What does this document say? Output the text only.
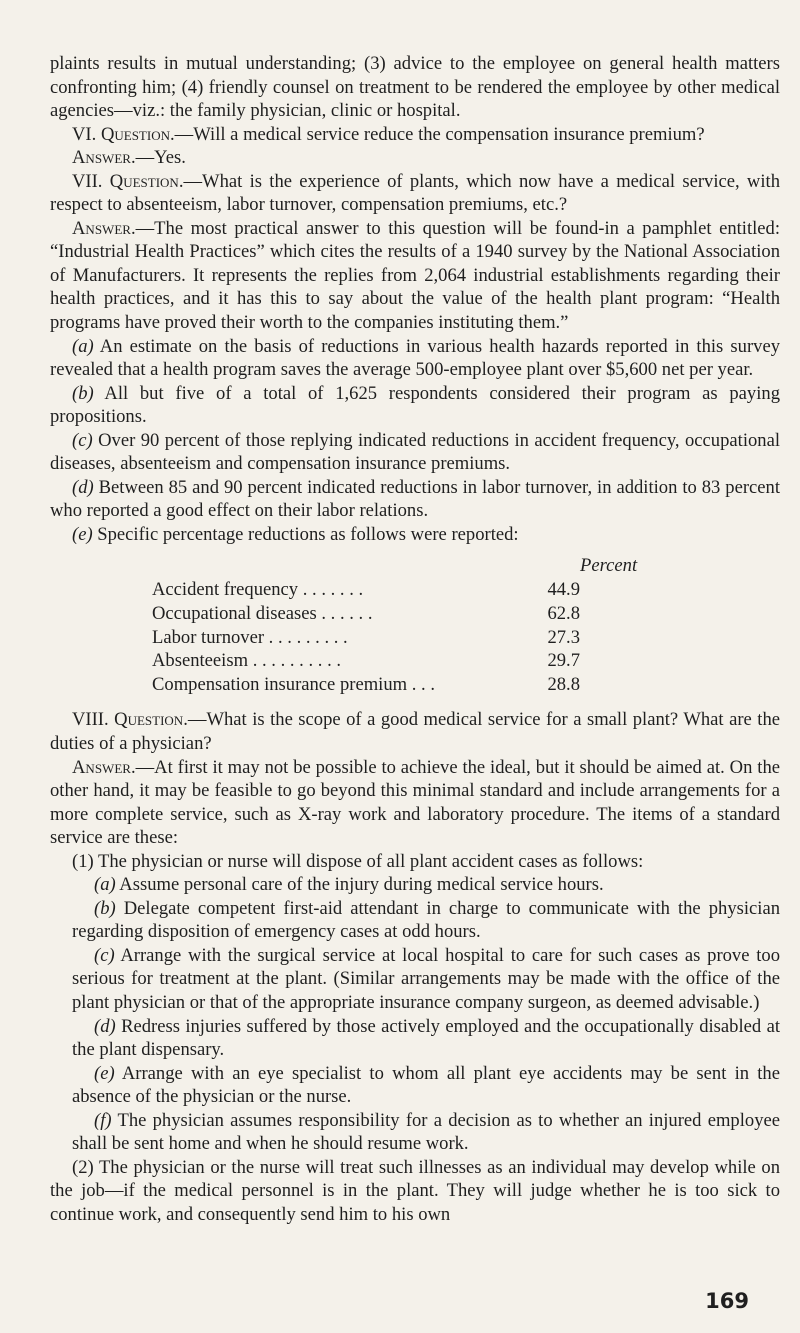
plaints results in mutual understanding; (3) advice to the employee on general health matters confronting him; (4) friendly counsel on treatment to be rendered the employee by other medical agencies—viz.: the family physician, clinic or hospital.

VI. Question.—Will a medical service reduce the compensation insurance premium?

Answer.—Yes.

VII. Question.—What is the experience of plants, which now have a medical service, with respect to absenteeism, labor turnover, compensation premiums, etc.?

Answer.—The most practical answer to this question will be found-in a pamphlet entitled: “Industrial Health Practices” which cites the results of a 1940 survey by the National Association of Manufacturers. It represents the replies from 2,064 industrial establishments regarding their health practices, and it has this to say about the value of the health plant program: “Health programs have proved their worth to the companies instituting them.”

(a) An estimate on the basis of reductions in various health hazards reported in this survey revealed that a health program saves the average 500-employee plant over $5,600 net per year.

(b) All but five of a total of 1,625 respondents considered their program as paying propositions.

(c) Over 90 percent of those replying indicated reductions in accident frequency, occupational diseases, absenteeism and compensation insurance premiums.

(d) Between 85 and 90 percent indicated reductions in labor turnover, in addition to 83 percent who reported a good effect on their labor relations.

(e) Specific percentage reductions as follows were reported:

Percent
Accident frequency . . . . . . .	44.9
Occupational diseases . . . . . .	62.8
Labor turnover . . . . . . . . .	27.3
Absenteeism . . . . . . . . . .	29.7
Compensation insurance premium . . .	28.8

VIII. Question.—What is the scope of a good medical service for a small plant? What are the duties of a physician?

Answer.—At first it may not be possible to achieve the ideal, but it should be aimed at. On the other hand, it may be feasible to go beyond this minimal standard and include arrangements for a more complete service, such as X-ray work and laboratory procedure. The items of a standard service are these:

(1) The physician or nurse will dispose of all plant accident cases as follows:

(a) Assume personal care of the injury during medical service hours.

(b) Delegate competent first-aid attendant in charge to communicate with the physician regarding disposition of emergency cases at odd hours.

(c) Arrange with the surgical service at local hospital to care for such cases as prove too serious for treatment at the plant. (Similar arrangements may be made with the office of the plant physician or that of the appropriate insurance company surgeon, as deemed advisable.)

(d) Redress injuries suffered by those actively employed and the occupationally disabled at the plant dispensary.

(e) Arrange with an eye specialist to whom all plant eye accidents may be sent in the absence of the physician or the nurse.

(f) The physician assumes responsibility for a decision as to whether an injured employee shall be sent home and when he should resume work.

(2) The physician or the nurse will treat such illnesses as an individual may develop while on the job—if the medical personnel is in the plant. They will judge whether he is too sick to continue work, and consequently send him to his own

169
